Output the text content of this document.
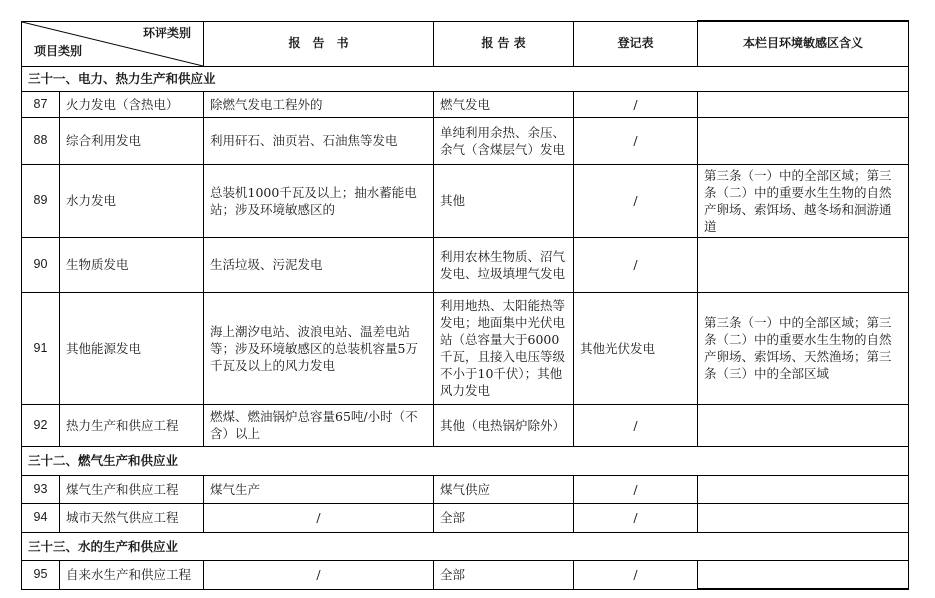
环评类别
项目类别		报　告　书	报 告 表	登记表	本栏目环境敏感区含义
三十一、电力、热力生产和供应业					
87	火力发电（含热电）	除燃气发电工程外的	燃气发电	/	
88	综合利用发电	利用矸石、油页岩、石油焦等发电	单纯利用余热、余压、余气（含煤层气）发电	/	
89	水力发电	总装机1000千瓦及以上；抽水蓄能电站；涉及环境敏感区的	其他	/	第三条（一）中的全部区域；第三条（二）中的重要水生生物的自然产卵场、索饵场、越冬场和洄游通道
90	生物质发电	生活垃圾、污泥发电	利用农林生物质、沼气发电、垃圾填埋气发电	/	
91	其他能源发电	海上潮汐电站、波浪电站、温差电站等；涉及环境敏感区的总装机容量5万千瓦及以上的风力发电	利用地热、太阳能热等发电；地面集中光伏电站（总容量大于6000千瓦，且接入电压等级不小于10千伏）；其他风力发电	其他光伏发电	第三条（一）中的全部区域；第三条（二）中的重要水生生物的自然产卵场、索饵场、天然渔场；第三条（三）中的全部区域
92	热力生产和供应工程	燃煤、燃油锅炉总容量65吨/小时（不含）以上	其他（电热锅炉除外）	/	
三十二、燃气生产和供应业					
93	煤气生产和供应工程	煤气生产	煤气供应	/	
94	城市天然气供应工程	/	全部	/	
三十三、水的生产和供应业					
95	自来水生产和供应工程	/	全部	/	
